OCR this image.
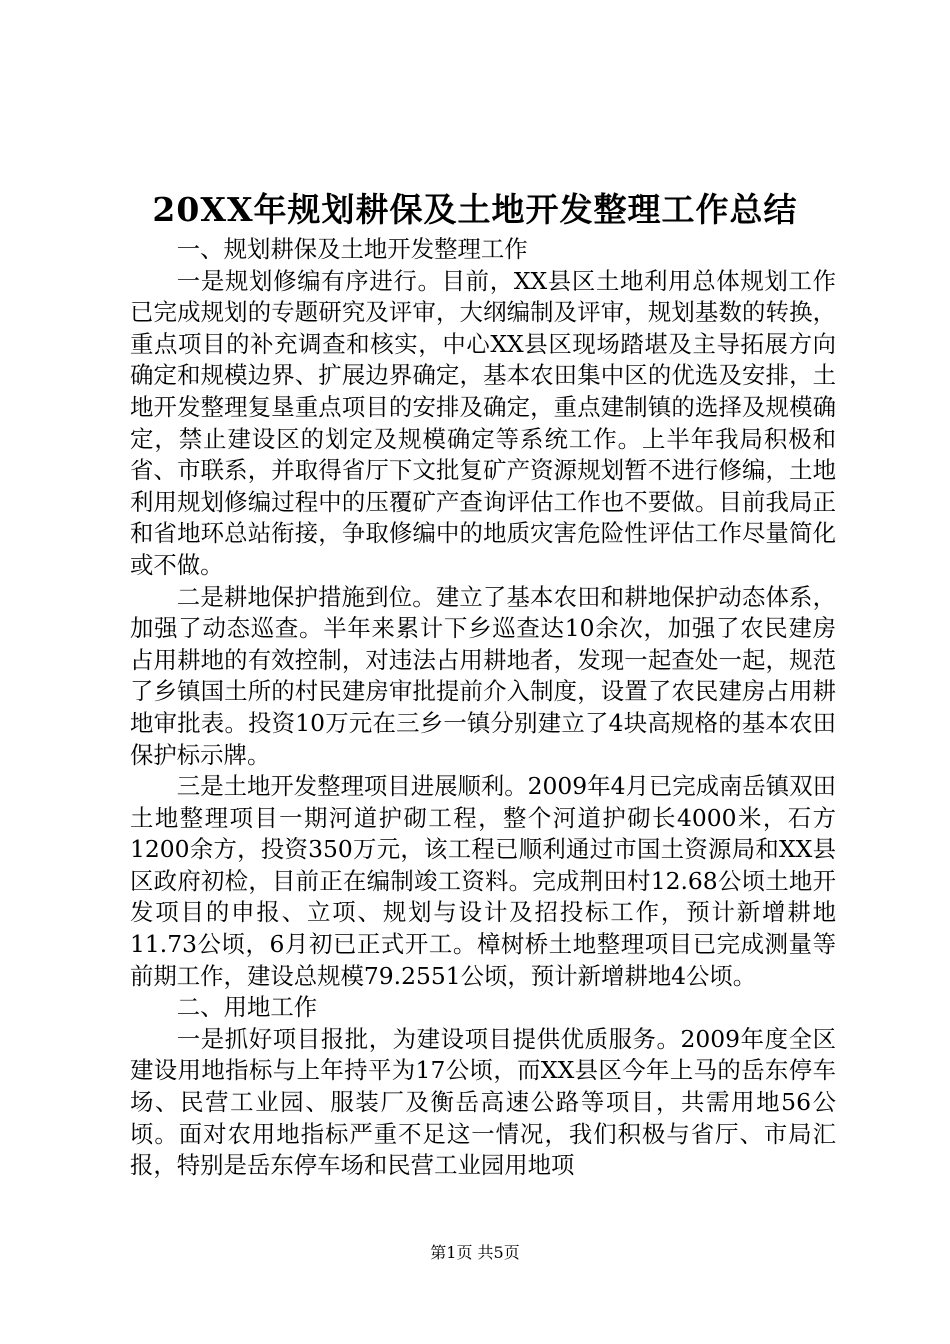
20XX年规划耕保及土地开发整理工作总结

一、规划耕保及土地开发整理工作

一是规划修编有序进行。目前，XX县区土地利用总体规划工作已完成规划的专题研究及评审，大纲编制及评审，规划基数的转换，重点项目的补充调查和核实，中心XX县区现场踏堪及主导拓展方向确定和规模边界、扩展边界确定，基本农田集中区的优选及安排，土地开发整理复垦重点项目的安排及确定，重点建制镇的选择及规模确定，禁止建设区的划定及规模确定等系统工作。上半年我局积极和省、市联系，并取得省厅下文批复矿产资源规划暂不进行修编，土地利用规划修编过程中的压覆矿产查询评估工作也不要做。目前我局正和省地环总站衔接，争取修编中的地质灾害危险性评估工作尽量简化或不做。

二是耕地保护措施到位。建立了基本农田和耕地保护动态体系，加强了动态巡查。半年来累计下乡巡查达10余次，加强了农民建房占用耕地的有效控制，对违法占用耕地者，发现一起查处一起，规范了乡镇国土所的村民建房审批提前介入制度，设置了农民建房占用耕地审批表。投资10万元在三乡一镇分别建立了4块高规格的基本农田保护标示牌。

三是土地开发整理项目进展顺利。2009年4月已完成南岳镇双田土地整理项目一期河道护砌工程，整个河道护砌长4000米，石方1200余方，投资350万元，该工程已顺利通过市国土资源局和XX县区政府初检，目前正在编制竣工资料。完成荆田村12.68公顷土地开发项目的申报、立项、规划与设计及招投标工作，预计新增耕地11.73公顷，6月初已正式开工。樟树桥土地整理项目已完成测量等前期工作，建设总规模79.2551公顷，预计新增耕地4公顷。

二、用地工作

一是抓好项目报批，为建设项目提供优质服务。2009年度全区建设用地指标与上年持平为17公顷，而XX县区今年上马的岳东停车场、民营工业园、服装厂及衡岳高速公路等项目，共需用地56公顷。面对农用地指标严重不足这一情况，我们积极与省厅、市局汇报，特别是岳东停车场和民营工业园用地项

第1页 共5页
